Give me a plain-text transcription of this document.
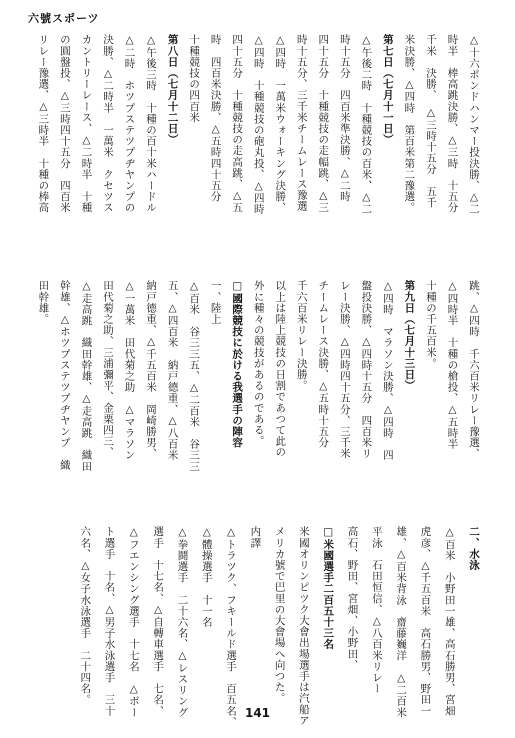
六號スポーツ
△十六ポンドハンマー投決勝、△二
時半　棒高跳決勝、△三時　十五分
千米　決勝、　△三時十五分　五千
米決勝、△四時　第百米第二豫選。
第七日（七月十一日）
△午後二時　十種競技の百米、△二
時十五分　四百米準決勝、△二時
四十五分　十種競技の走幅跳、△三
時十五分、三千米チームレース豫選
△四時　一萬米ウォーキング決勝、
△四時　十種競技の砲丸投、△四時
四十五分　十種競技の走高跳、△五
時　四百米決勝、△五時四十五分
十種競技の四百米
第八日（七月十二日）
△午後三時　十種の百十米ハードル
△二時　ホツプステツプヂヤンプの
決勝、△二時半　一萬米　クセツス
カントリーレース、△二時半　十種
の圓盤投、△三時四十五分　四百米
リレー豫選、△三時半　十種の棒高
跳、△四時　千六百米リレー豫選、
△四時半　十種の槍投、△五時半
十種の千五百米。
第九日（七月十三日）
△四時　マラソン決勝、△四時　四
盤投決勝、△四時十五分　四百米リ
レー決勝、△四時四十五分、三千米
チームレース決勝、△五時十五分
千六百米リレー決勝。
以上は陸上競技の日割であつて此の
外に種々の競技があるのである。
□國際競技に於ける我選手の陣容
一、陸上
△百米　谷三三五、△二百米　谷三三
五、△四百米　納戸德重、△八百米
納戸德重、△千五百米　岡崎勝男、
△一萬米　田代菊之助　△マラソン
田代菊之助、三浦彌平、金栗四三、
△走高跳　織田幹雄、△走高跳　織田
幹雄、△ホツプステツプヂヤンプ　織
田幹雄。
二、水泳
△百米　小野田一雄、高石勝男、宮畑
虎彦、△千五百米　高石勝男、野田一
雄、△百米背泳　齋藤巍洋　△二百米
平泳　石田恒信、△八百米リレー
高石、野田、宮畑、小野田、
□米國選手二百五十三名
米國オリンピツク大會出場選手は汽船ア
メリカ號で巴里の大會場へ向つた。
内譯
△トラツク、フキールド選手　百五名、
△體操選手　十一名　
△拳鬪選手　二十六名、△レスリング
選手　十七名、△自轉車選手　七名、
△フエンシング選手　十七名　△ボー
ト選手　十名、△男子水泳選手　三十
六名、△女子水泳選手　二十四名。
141
